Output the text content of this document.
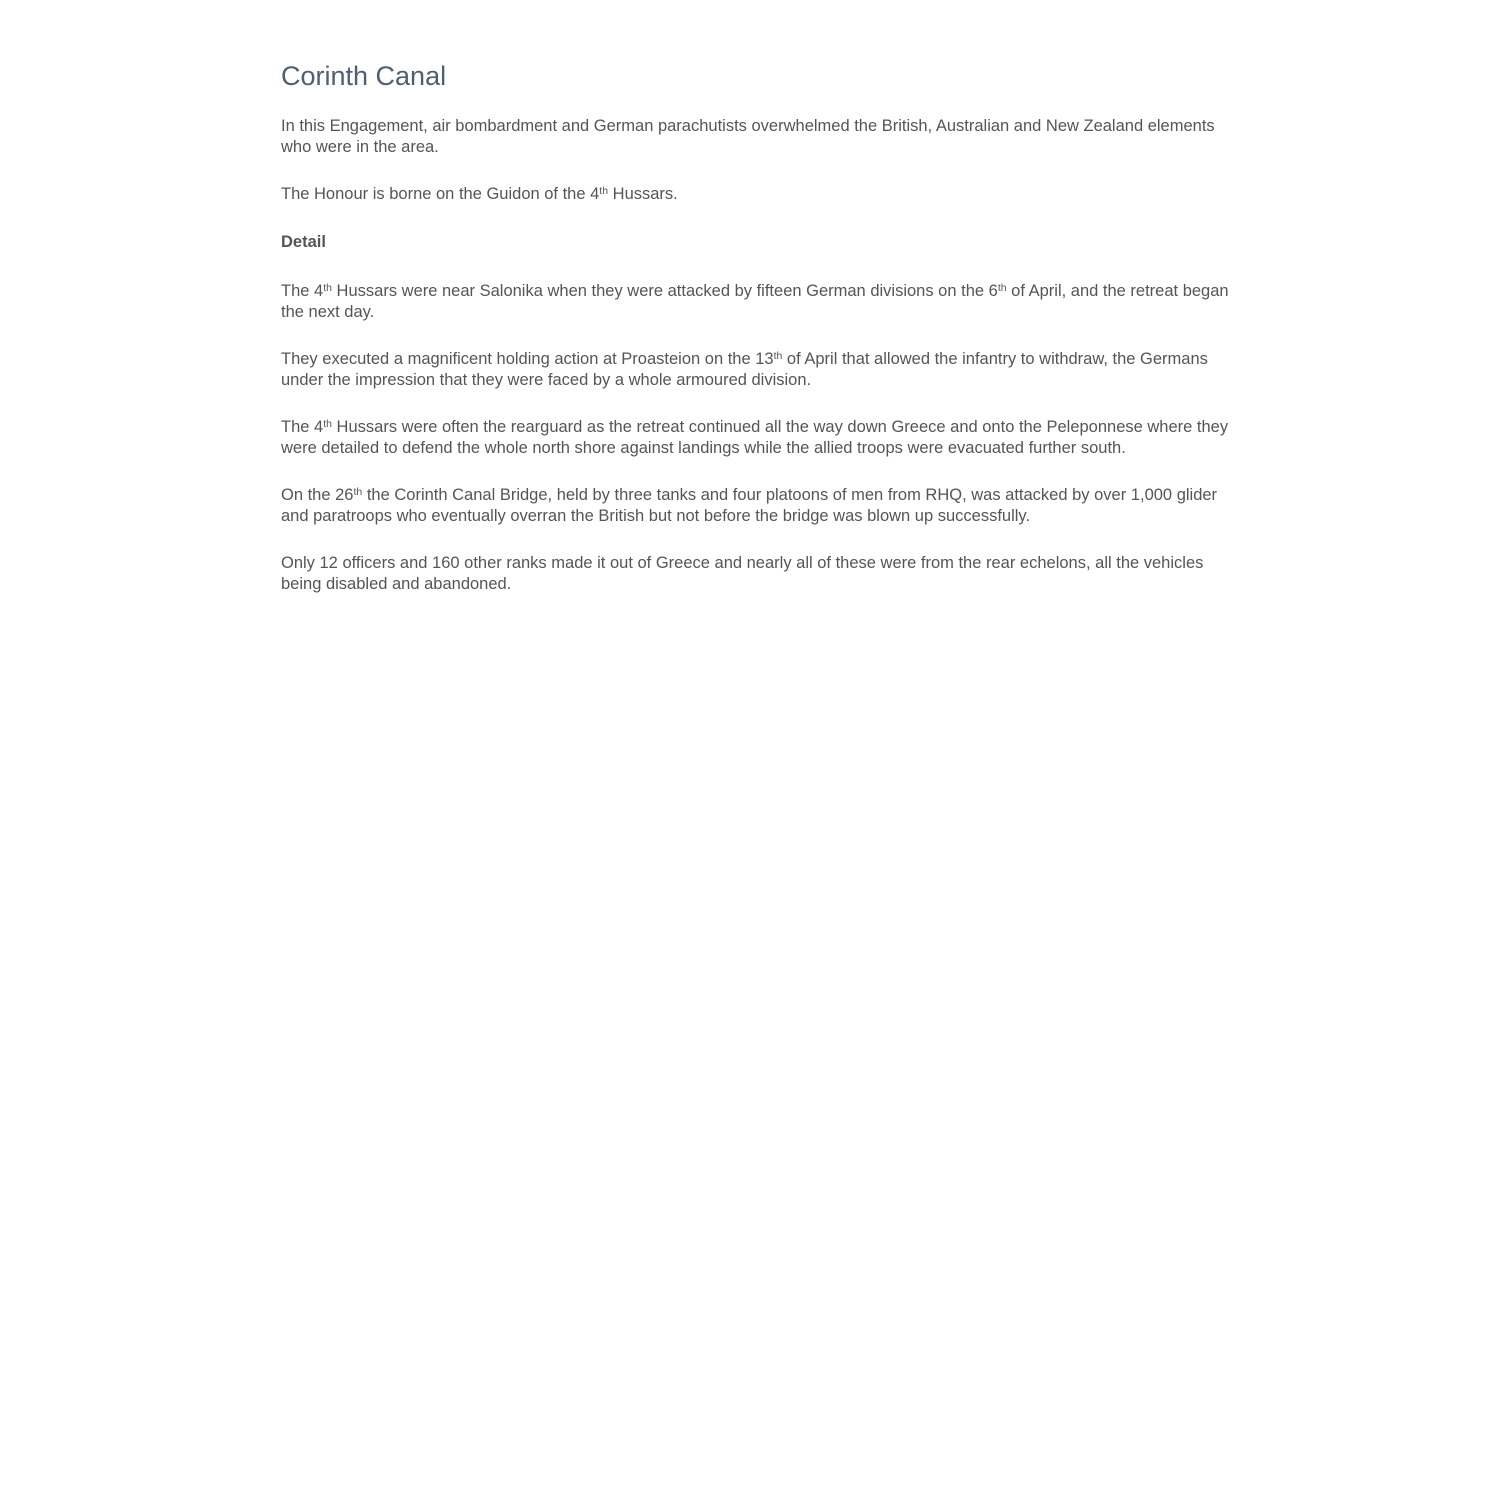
Corinth Canal

In this Engagement, air bombardment and German parachutists overwhelmed the British, Australian and New Zealand elements who were in the area.

The Honour is borne on the Guidon of the 4th Hussars.

Detail

The 4th Hussars were near Salonika when they were attacked by fifteen German divisions on the 6th of April, and the retreat began the next day.

They executed a magnificent holding action at Proasteion on the 13th of April that allowed the infantry to withdraw, the Germans under the impression that they were faced by a whole armoured division.

The 4th Hussars were often the rearguard as the retreat continued all the way down Greece and onto the Peleponnese where they were detailed to defend the whole north shore against landings while the allied troops were evacuated further south.

On the 26th the Corinth Canal Bridge, held by three tanks and four platoons of men from RHQ, was attacked by over 1,000 glider and paratroops who eventually overran the British but not before the bridge was blown up successfully.

Only 12 officers and 160 other ranks made it out of Greece and nearly all of these were from the rear echelons, all the vehicles being disabled and abandoned.
